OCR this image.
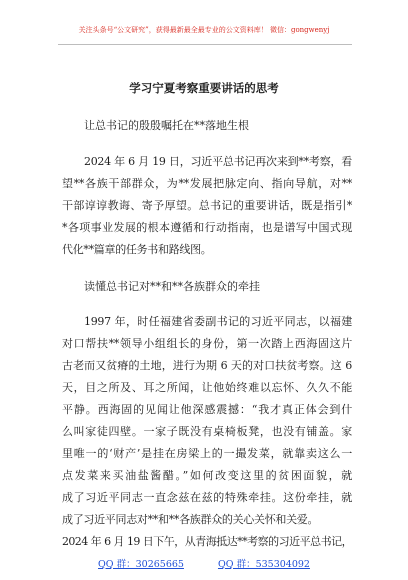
关注头条号“公文研究”，获得最新最全最专业的公文资料库！ 微信：gongwenyj
学习宁夏考察重要讲话的思考
让总书记的殷殷嘱托在**落地生根
2024 年 6 月 19 日，习近平总书记再次来到**考察，看
望**各族干部群众，为**发展把脉定向、指向导航，对**
干部谆谆教诲、寄予厚望。总书记的重要讲话，既是指引*
*各项事业发展的根本遵循和行动指南，也是谱写中国式现
代化**篇章的任务书和路线图。
读懂总书记对**和**各族群众的牵挂
1997 年，时任福建省委副书记的习近平同志，以福建
对口帮扶**领导小组组长的身份，第一次踏上西海固这片
古老而又贫瘠的土地，进行为期 6 天的对口扶贫考察。这 6
天，目之所及、耳之所闻，让他始终难以忘怀、久久不能
平静。西海固的见闻让他深感震撼：“我才真正体会到什
么叫家徒四壁。一家子既没有桌椅板凳，也没有铺盖。家
里唯一的‘财产’是挂在房梁上的一撮发菜，就靠卖这么一
点发菜来买油盐酱醋。”如何改变这里的贫困面貌，就
成了习近平同志一直念兹在兹的特殊牵挂。这份牵挂，就
成了习近平同志对**和**各族群众的关心关怀和关爱。
2024 年 6 月 19 日下午，从青海抵达**考察的习近平总书记，
QQ 群：30265665	QQ 群：535304092
